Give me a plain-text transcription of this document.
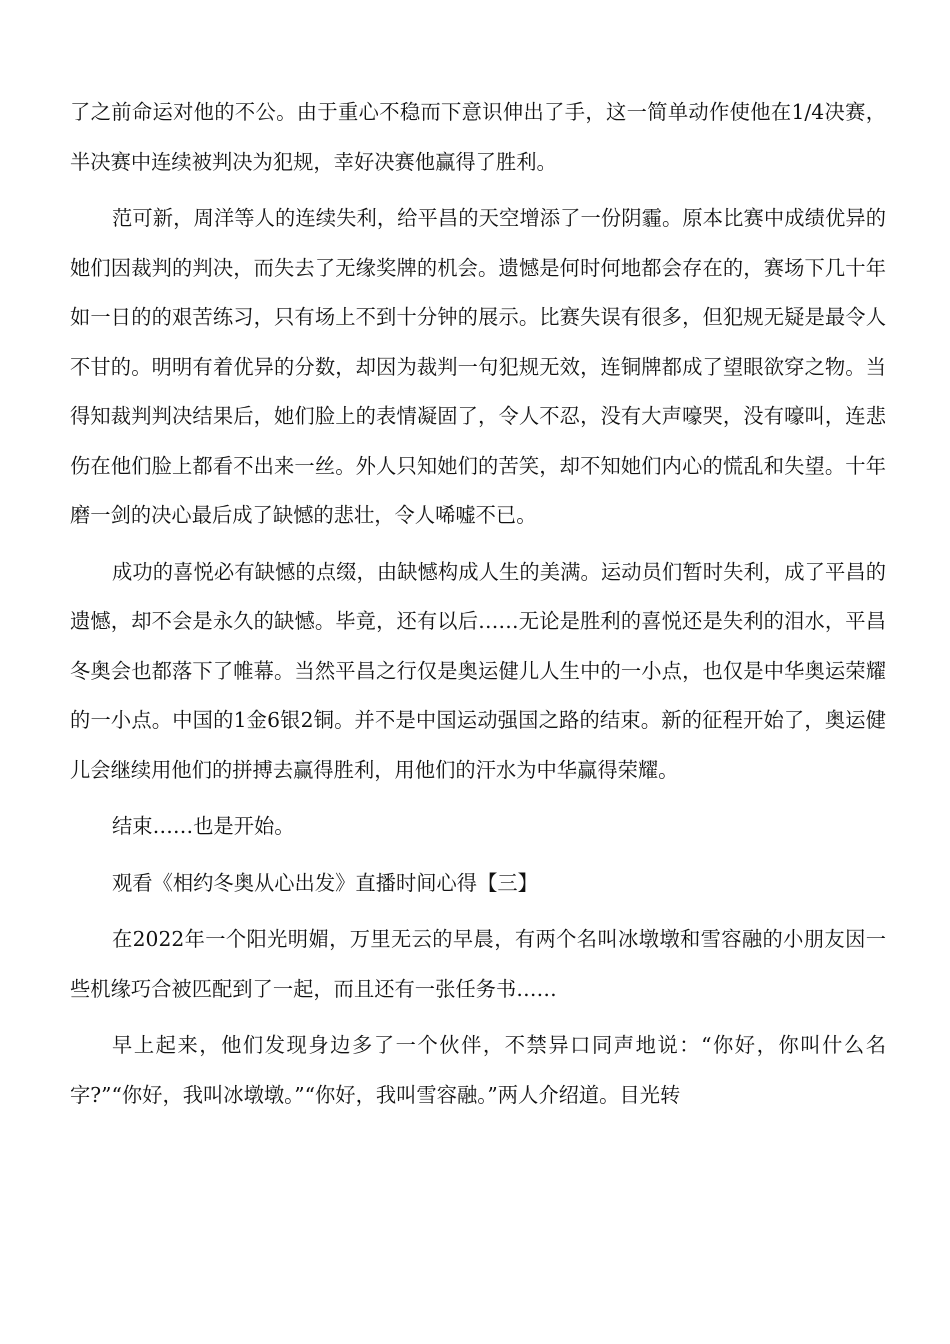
了之前命运对他的不公。由于重心不稳而下意识伸出了手，这一简单动作使他在1/4决赛，半决赛中连续被判决为犯规，幸好决赛他赢得了胜利。

范可新，周洋等人的连续失利，给平昌的天空增添了一份阴霾。原本比赛中成绩优异的她们因裁判的判决，而失去了无缘奖牌的机会。遗憾是何时何地都会存在的，赛场下几十年如一日的的艰苦练习，只有场上不到十分钟的展示。比赛失误有很多，但犯规无疑是最令人不甘的。明明有着优异的分数，却因为裁判一句犯规无效，连铜牌都成了望眼欲穿之物。当得知裁判判决结果后，她们脸上的表情凝固了，令人不忍，没有大声嚎哭，没有嚎叫，连悲伤在他们脸上都看不出来一丝。外人只知她们的苦笑，却不知她们内心的慌乱和失望。十年磨一剑的决心最后成了缺憾的悲壮，令人唏嘘不已。

成功的喜悦必有缺憾的点缀，由缺憾构成人生的美满。运动员们暂时失利，成了平昌的遗憾，却不会是永久的缺憾。毕竟，还有以后……无论是胜利的喜悦还是失利的泪水，平昌冬奥会也都落下了帷幕。当然平昌之行仅是奥运健儿人生中的一小点，也仅是中华奥运荣耀的一小点。中国的1金6银2铜。并不是中国运动强国之路的结束。新的征程开始了，奥运健儿会继续用他们的拼搏去赢得胜利，用他们的汗水为中华赢得荣耀。

结束……也是开始。

观看《相约冬奥从心出发》直播时间心得【三】

在2022年一个阳光明媚，万里无云的早晨，有两个名叫冰墩墩和雪容融的小朋友因一些机缘巧合被匹配到了一起，而且还有一张任务书……

早上起来，他们发现身边多了一个伙伴，不禁异口同声地说：“你好，你叫什么名字?”“你好，我叫冰墩墩。”“你好，我叫雪容融。”两人介绍道。目光转
